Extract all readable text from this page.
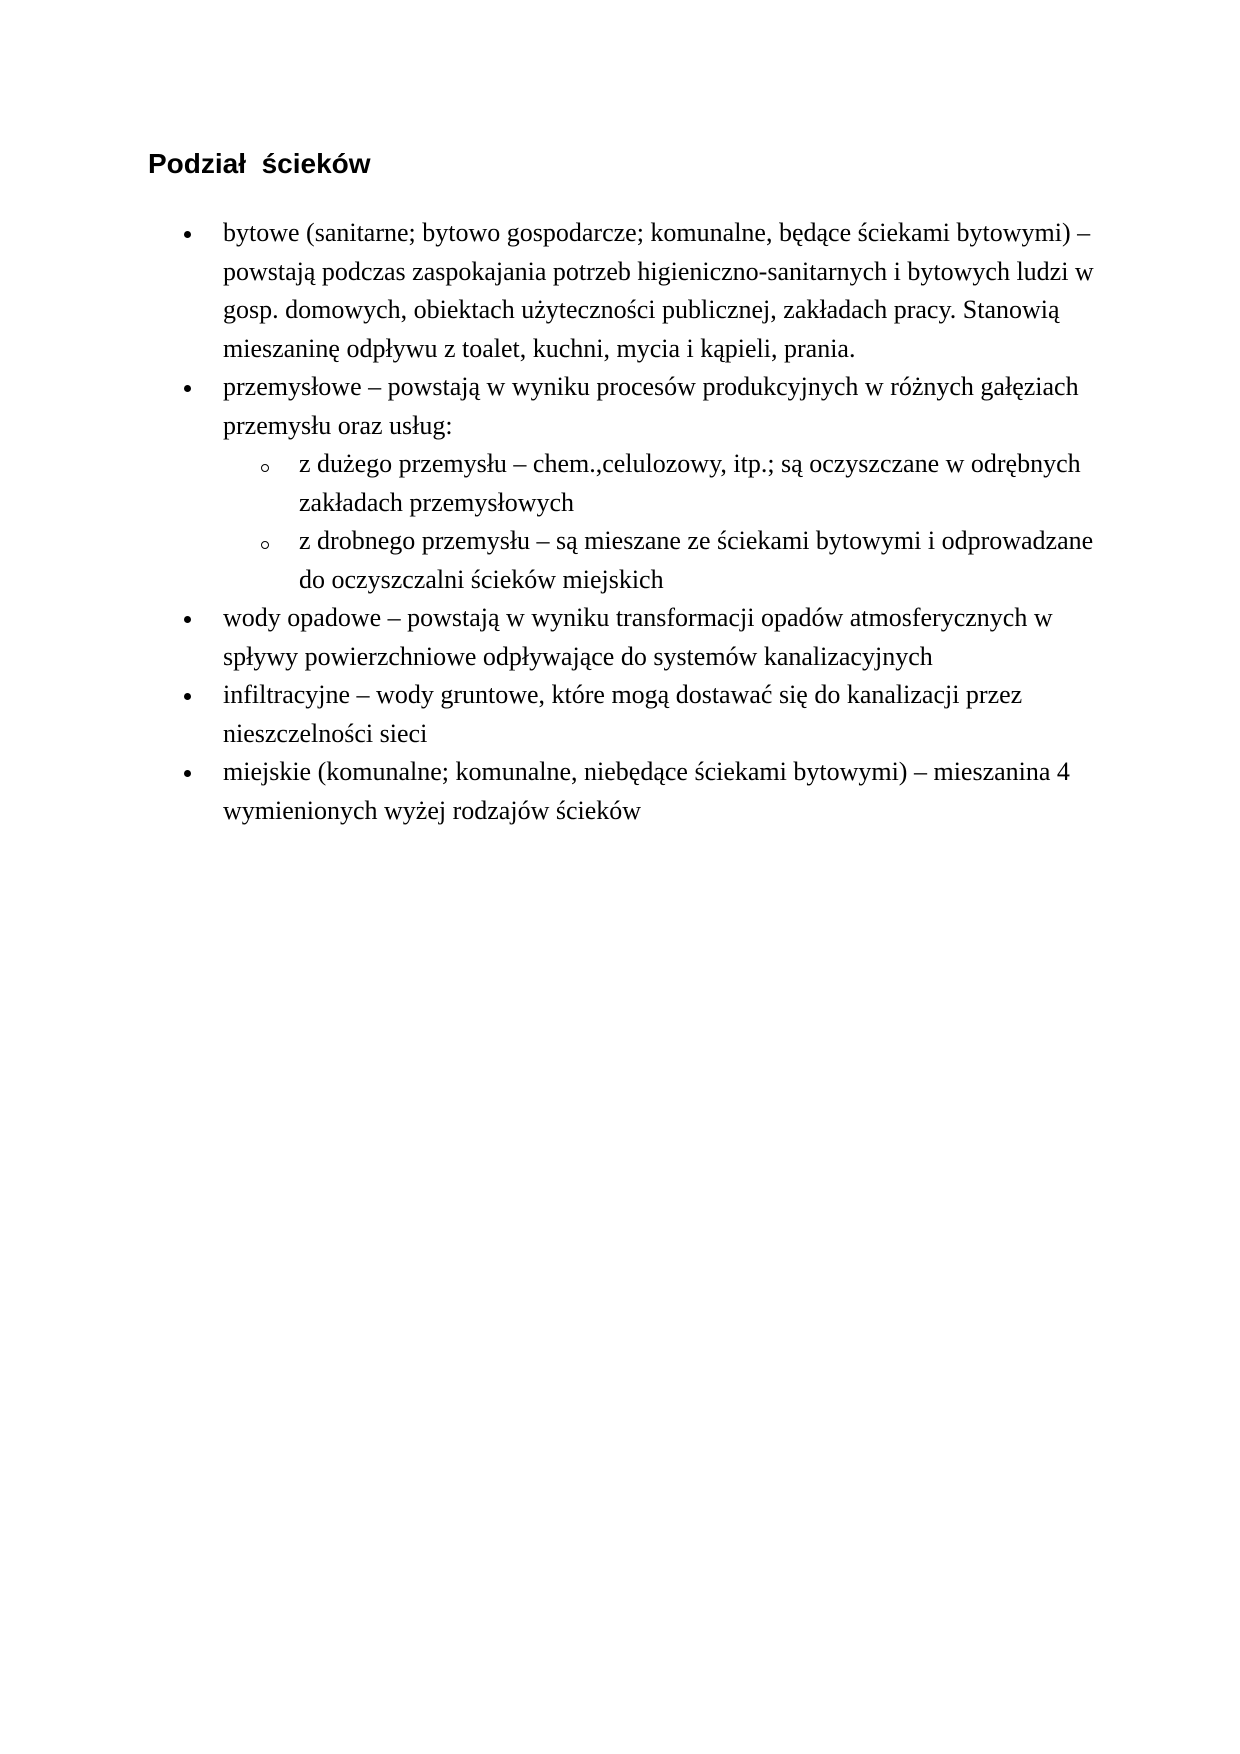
Podział  ścieków
bytowe (sanitarne; bytowo gospodarcze; komunalne, będące ściekami bytowymi) – powstają podczas zaspokajania potrzeb higieniczno-sanitarnych i bytowych ludzi w gosp. domowych, obiektach użyteczności publicznej, zakładach pracy. Stanowią mieszaninę odpływu z toalet, kuchni, mycia i kąpieli, prania.
przemysłowe – powstają w wyniku procesów produkcyjnych w różnych gałęziach przemysłu oraz usług:
z dużego przemysłu – chem.,celulozowy, itp.; są oczyszczane w odrębnych zakładach przemysłowych
z drobnego przemysłu – są mieszane ze ściekami bytowymi i odprowadzane do oczyszczalni ścieków miejskich
wody opadowe – powstają w wyniku transformacji opadów atmosferycznych w spływy powierzchniowe odpływające do systemów kanalizacyjnych
infiltracyjne – wody gruntowe, które mogą dostawać się do kanalizacji przez nieszczelności sieci
miejskie (komunalne; komunalne, niebędące ściekami bytowymi) – mieszanina 4 wymienionych wyżej rodzajów ścieków
